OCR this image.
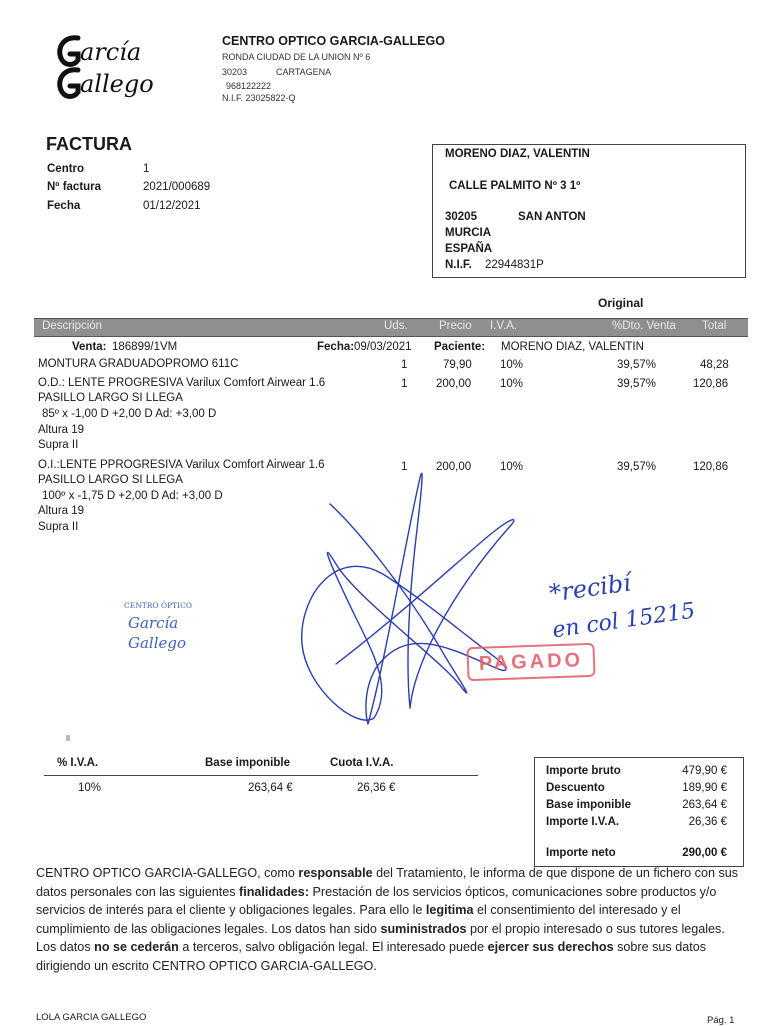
arcía
allego
CENTRO OPTICO GARCIA-GALLEGO
RONDA CIUDAD DE LA UNION Nº 6
30203	CARTAGENA
968122222
N.I.F. 23025822-Q
FACTURA
Centro	1
Nº factura	2021/000689
Fecha	01/12/2021
MORENO DIAZ, VALENTIN
CALLE PALMITO Nº 3 1º
30205	SAN ANTON
MURCIA
ESPAÑA
N.I.F. 22944831P
Original
Descripción	Uds.	Precio I.V.A.	%Dto. Venta Total
Venta: 186899/1VM	Fecha: 09/03/2021 Paciente: MORENO DIAZ, VALENTIN
MONTURA GRADUADOPROMO 611C	1	79,90 10%	39,57%	48,28
O.D.: LENTE PROGRESIVA Varilux Comfort Airwear 1.6
PASILLO LARGO SI LLEGA
85º x -1,00 D +2,00 D Ad: +3,00 D
Altura 19
Supra II
1 200,00	10%	39,57%	120,86
O.I.:LENTE PPROGRESIVA Varilux Comfort Airwear 1.6
PASILLO LARGO SI LLEGA
100º x -1,75 D +2,00 D Ad: +3,00 D
Altura 19
Supra II
1 200,00	10%	39,57%	120,86
CENTRO ÓPTICO
García
Gallego
PAGADO
*recibí
en col 15215
% I.V.A.	Base imponible	Cuota I.V.A.
10%	263,64 €	26,36 €
Importe bruto	479,90 €
Descuento	189,90 €
Base imponible	263,64 €
Importe I.V.A.	26,36 €
Importe neto	290,00 €
CENTRO OPTICO GARCIA-GALLEGO, como responsable del Tratamiento, le informa de que dispone de un fichero con sus datos personales con las siguientes finalidades: Prestación de los servicios ópticos, comunicaciones sobre productos y/o servicios de interés para el cliente y obligaciones legales. Para ello le legitima el consentimiento del interesado y el cumplimiento de las obligaciones legales. Los datos han sido suministrados por el propio interesado o sus tutores legales. Los datos no se cederán a terceros, salvo obligación legal. El interesado puede ejercer sus derechos sobre sus datos dirigiendo un escrito CENTRO OPTICO GARCIA-GALLEGO.
LOLA GARCIA GALLEGO	Pág. 1
